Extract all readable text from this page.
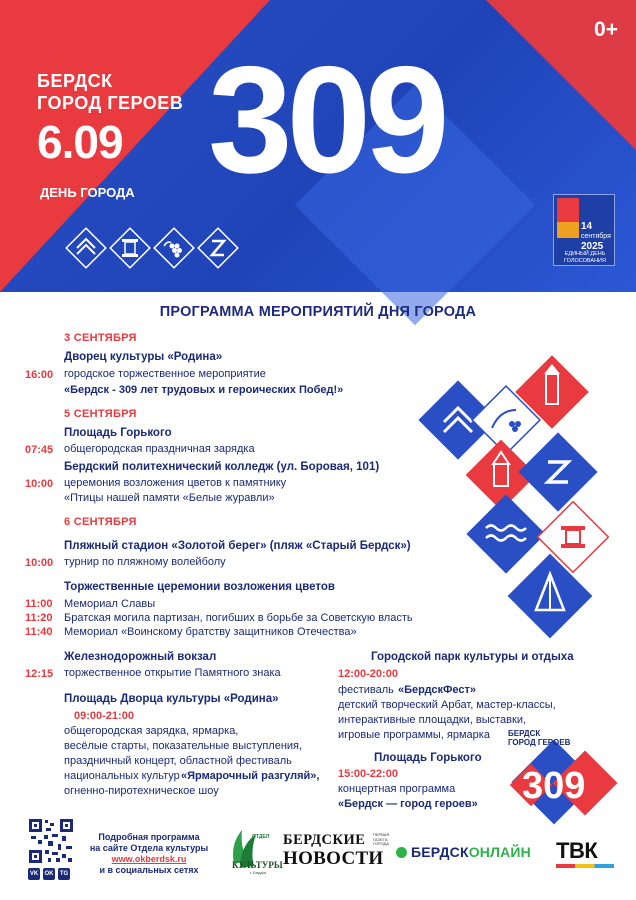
БЕРДСК
ГОРОД ГЕРОЕВ
6.09
ДЕНЬ ГОРОДА
0+
309
14
сентября
2025
ЕДИНЫЙ ДЕНЬ
ГОЛОСОВАНИЯ
ПРОГРАММА МЕРОПРИЯТИЙ ДНЯ ГОРОДА
3 СЕНТЯБРЯ
Дворец культуры «Родина»
16:00 городское торжественное мероприятие
«Бердск - 309 лет трудовых и героических Побед!»
5 СЕНТЯБРЯ
Площадь Горького
07:45 общегородская праздничная зарядка
Бердский политехнический колледж (ул. Боровая, 101)
10:00 церемония возложения цветов к памятнику
«Птицы нашей памяти «Белые журавли»
6 СЕНТЯБРЯ
Пляжный стадион «Золотой берег» (пляж «Старый Бердск»)
10:00 турнир по пляжному волейболу
Торжественные церемонии возложения цветов
11:00 Мемориал Славы
11:20 Братская могила партизан, погибших в борьбе за Советскую власть
11:40 Мемориал «Воинскому братству защитников Отечества»
Железнодорожный вокзал
12:15 торжественное открытие Памятного знака
Площадь Дворца культуры «Родина»
09:00-21:00
общегородская зарядка, ярмарка,
весёлые старты, показательные выступления,
праздничный концерт, областной фестиваль
национальных культур «Ярмарочный разгуляй»,
огненно-пиротехническое шоу
Городской парк культуры и отдыха
12:00-20:00
фестиваль «БердскФест»
детский творческий Арбат, мастер-классы,
интерактивные площадки, выставки,
игровые программы, ярмарка
Площадь Горького
15:00-22:00
концертная программа
«Бердск — город героев»
БЕРДСК
ГОРОД ГЕРОЕВ
309
VK OK TG
Подробная программа
на сайте Отдела культуры
www.okberdsk.ru
и в социальных сетях
ОТДЕЛ
КУЛЬТУРЫ
г. Бердск
БЕРДСКИЕ
НОВОСТИ
ПЕРВАЯ ГАЗЕТА ГОРОДА
БЕРДСКОНЛАЙН ТВК
